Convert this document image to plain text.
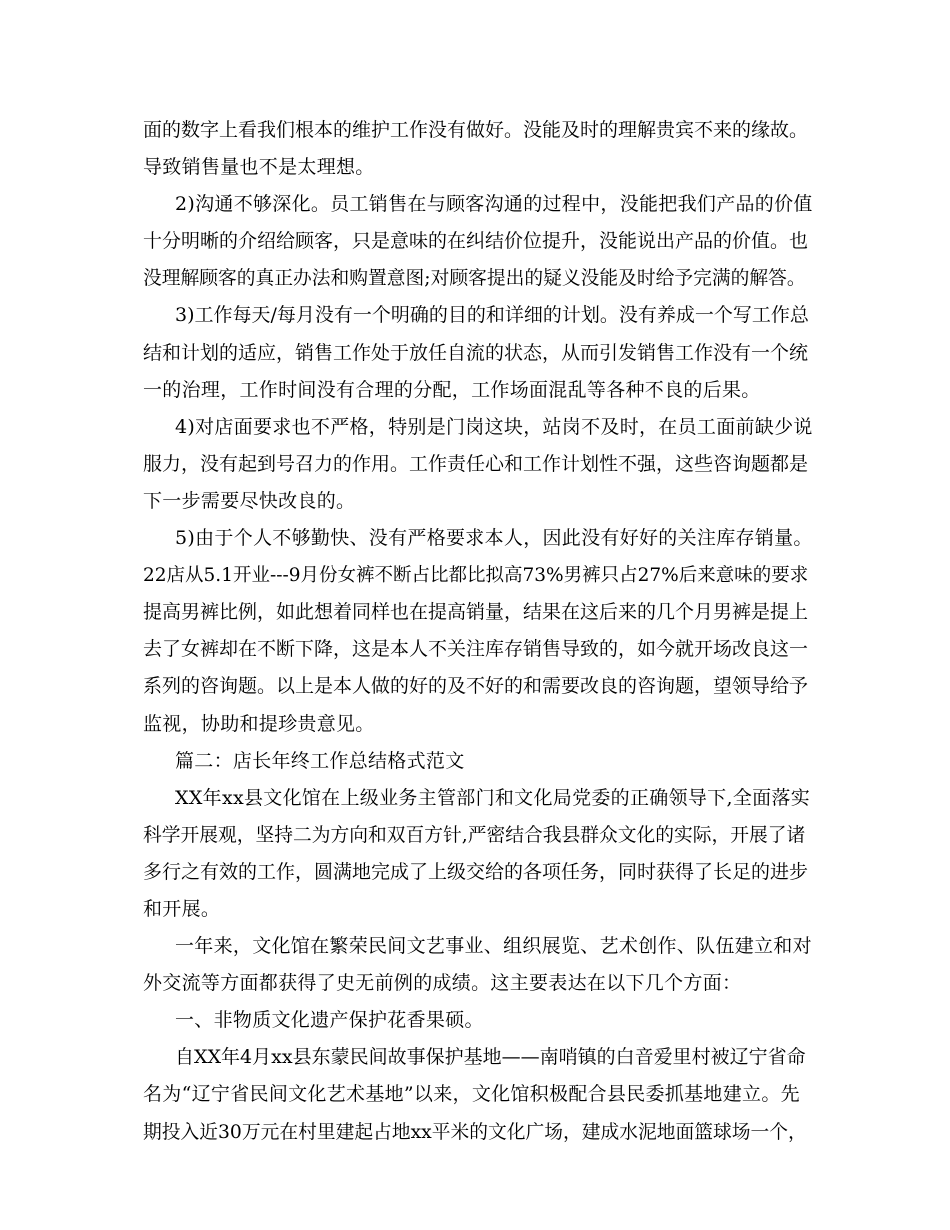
面的数字上看我们根本的维护工作没有做好。没能及时的理解贵宾不来的缘故。
导致销售量也不是太理想。
2)沟通不够深化。员工销售在与顾客沟通的过程中，没能把我们产品的价值
十分明晰的介绍给顾客，只是意味的在纠结价位提升，没能说出产品的价值。也
没理解顾客的真正办法和购置意图;对顾客提出的疑义没能及时给予完满的解答。
3)工作每天/每月没有一个明确的目的和详细的计划。没有养成一个写工作总
结和计划的适应，销售工作处于放任自流的状态，从而引发销售工作没有一个统
一的治理，工作时间没有合理的分配，工作场面混乱等各种不良的后果。
4)对店面要求也不严格，特别是门岗这块，站岗不及时，在员工面前缺少说
服力，没有起到号召力的作用。工作责任心和工作计划性不强，这些咨询题都是
下一步需要尽快改良的。
5)由于个人不够勤快、没有严格要求本人，因此没有好好的关注库存销量。
22店从5.1开业---9月份女裤不断占比都比拟高73%男裤只占27%后来意味的要求
提高男裤比例，如此想着同样也在提高销量，结果在这后来的几个月男裤是提上
去了女裤却在不断下降，这是本人不关注库存销售导致的，如今就开场改良这一
系列的咨询题。以上是本人做的好的及不好的和需要改良的咨询题，望领导给予
监视，协助和提珍贵意见。
篇二：店长年终工作总结格式范文
XX年xx县文化馆在上级业务主管部门和文化局党委的正确领导下,全面落实
科学开展观，坚持二为方向和双百方针,严密结合我县群众文化的实际，开展了诸
多行之有效的工作，圆满地完成了上级交给的各项任务，同时获得了长足的进步
和开展。
一年来，文化馆在繁荣民间文艺事业、组织展览、艺术创作、队伍建立和对
外交流等方面都获得了史无前例的成绩。这主要表达在以下几个方面：
一、非物质文化遗产保护花香果硕。
自XX年4月xx县东蒙民间故事保护基地——南哨镇的白音爱里村被辽宁省命
名为“辽宁省民间文化艺术基地”以来，文化馆积极配合县民委抓基地建立。先
期投入近30万元在村里建起占地xx平米的文化广场，建成水泥地面篮球场一个，
